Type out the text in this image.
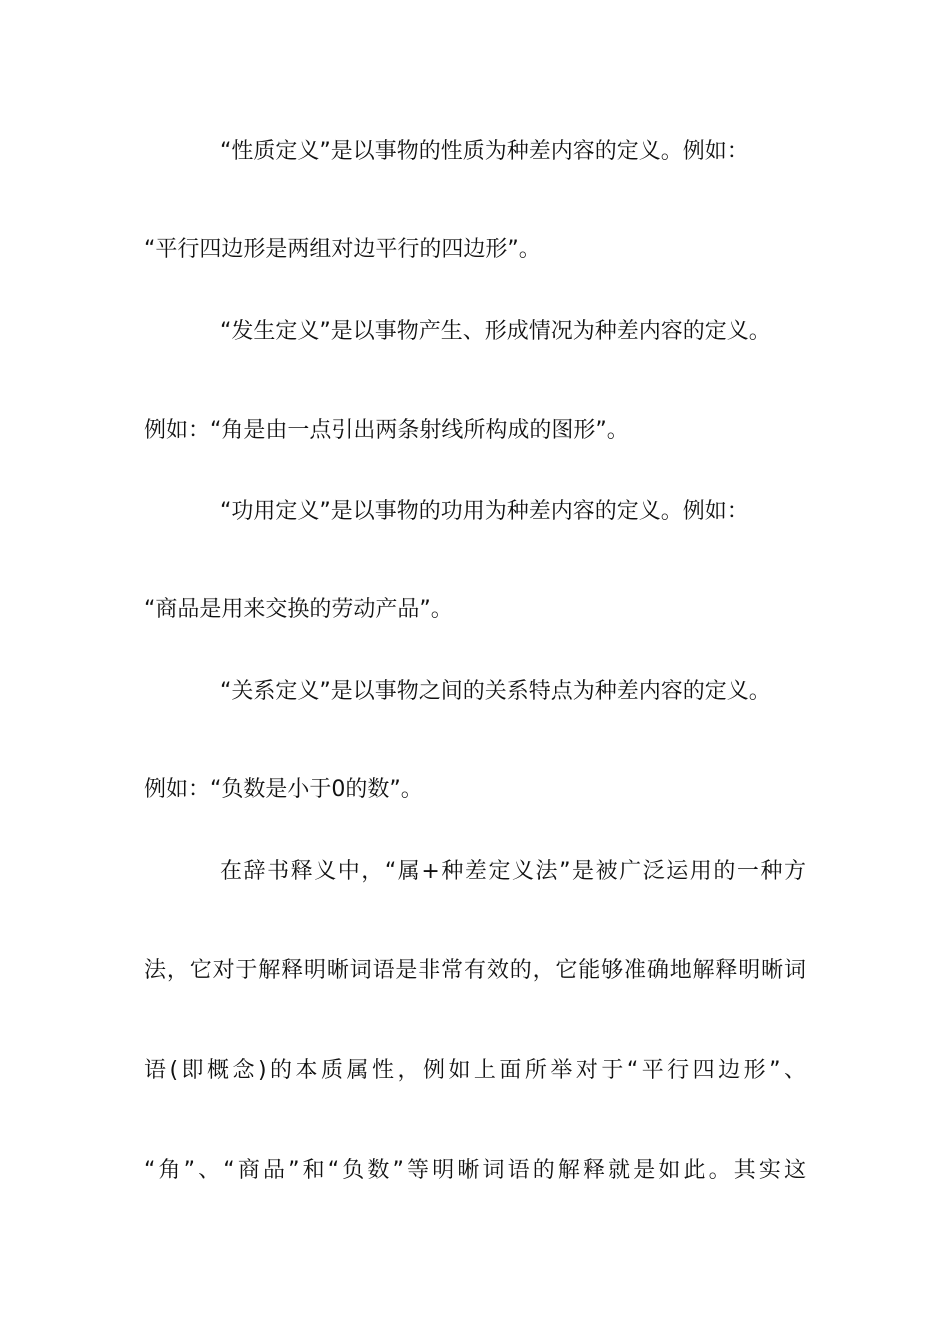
“性质定义”是以事物的性质为种差内容的定义。例如：
“平行四边形是两组对边平行的四边形”。
“发生定义”是以事物产生、形成情况为种差内容的定义。
例如：“角是由一点引出两条射线所构成的图形”。
“功用定义”是以事物的功用为种差内容的定义。例如：
“商品是用来交换的劳动产品”。
“关系定义”是以事物之间的关系特点为种差内容的定义。
例如：“负数是小于0的数”。
在辞书释义中，“属+种差定义法”是被广泛运用的一种方
法，它对于解释明晰词语是非常有效的，它能够准确地解释明晰词
语(即概念)的本质属性，例如上面所举对于“平行四边形”、
“角”、“商品”和“负数”等明晰词语的解释就是如此。其实这
